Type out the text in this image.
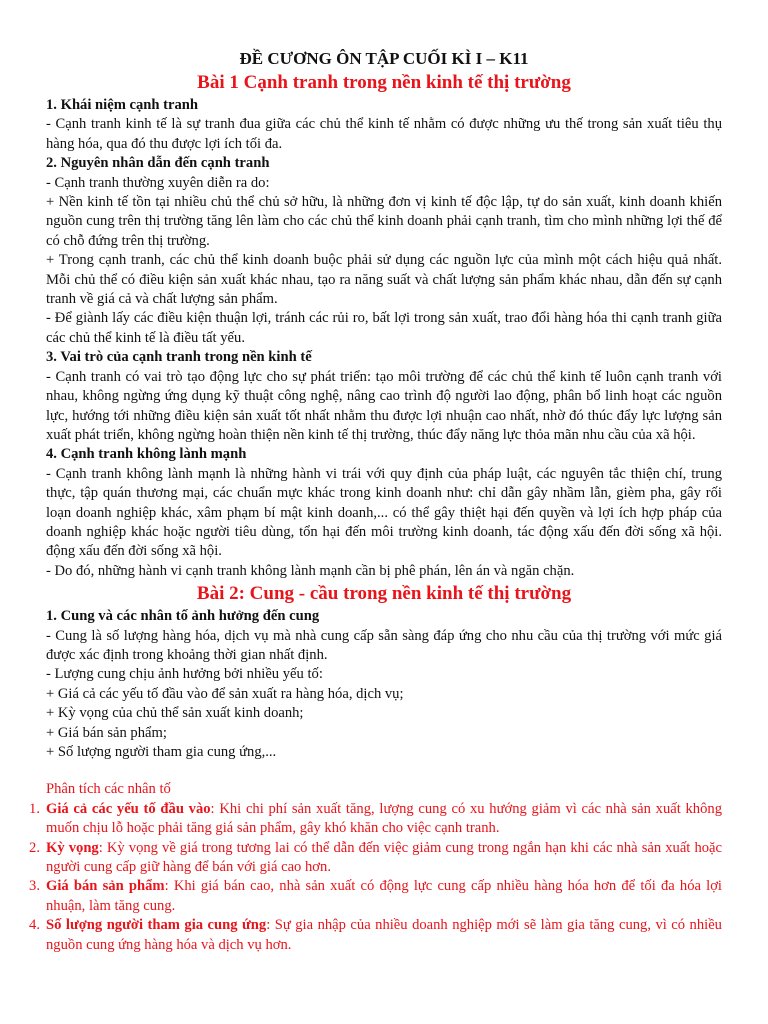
ĐỀ CƯƠNG ÔN TẬP CUỐI KÌ I – K11
Bài 1 Cạnh tranh trong nền kinh tế thị trường
1. Khái niệm cạnh tranh

- Cạnh tranh kinh tế là sự tranh đua giữa các chủ thể kinh tế nhằm có được những ưu thế trong sản xuất tiêu thụ hàng hóa, qua đó thu được lợi ích tối đa.

2. Nguyên nhân dẫn đến cạnh tranh

- Cạnh tranh thường xuyên diễn ra do:

+ Nền kinh tế tồn tại nhiều chủ thể chủ sở hữu, là những đơn vị kinh tế độc lập, tự do sản xuất, kinh doanh khiến nguồn cung trên thị trường tăng lên làm cho các chủ thể kinh doanh phải cạnh tranh, tìm cho mình những lợi thế để có chỗ đứng trên thị trường.

+ Trong cạnh tranh, các chủ thể kinh doanh buộc phải sử dụng các nguồn lực của mình một cách hiệu quả nhất. Mỗi chủ thể có điều kiện sản xuất khác nhau, tạo ra năng suất và chất lượng sản phẩm khác nhau, dẫn đến sự cạnh tranh về giá cả và chất lượng sản phẩm.

- Để giành lấy các điều kiện thuận lợi, tránh các rủi ro, bất lợi trong sản xuất, trao đổi hàng hóa thi cạnh tranh giữa các chủ thể kinh tế là điều tất yếu.

3. Vai trò của cạnh tranh trong nền kinh tế

- Cạnh tranh có vai trò tạo động lực cho sự phát triển: tạo môi trường để các chủ thể kinh tế luôn cạnh tranh với nhau, không ngừng ứng dụng kỹ thuật công nghệ, nâng cao trình độ người lao động, phân bổ linh hoạt các nguồn lực, hướng tới những điều kiện sản xuất tốt nhất nhằm thu được lợi nhuận cao nhất, nhờ đó thúc đẩy lực lượng sản xuất phát triển, không ngừng hoàn thiện nền kinh tế thị trường, thúc đẩy năng lực thỏa mãn nhu cầu của xã hội.

4. Cạnh tranh không lành mạnh

- Cạnh tranh không lành mạnh là những hành vi trái với quy định của pháp luật, các nguyên tắc thiện chí, trung thực, tập quán thương mại, các chuẩn mực khác trong kinh doanh như: chỉ dẫn gây nhầm lẫn, gièm pha, gây rối loạn doanh nghiệp khác, xâm phạm bí mật kinh doanh,... có thể gây thiệt hại đến quyền và lợi ích hợp pháp của doanh nghiệp khác hoặc người tiêu dùng, tổn hại đến môi trường kinh doanh, tác động xấu đến đời sống xã hội. động xấu đến đời sống xã hội.

- Do đó, những hành vi cạnh tranh không lành mạnh cần bị phê phán, lên án và ngăn chặn.

Bài 2: Cung - cầu trong nền kinh tế thị trường
1. Cung và các nhân tố ảnh hưởng đến cung

- Cung là số lượng hàng hóa, dịch vụ mà nhà cung cấp sẵn sàng đáp ứng cho nhu cầu của thị trường với mức giá được xác định trong khoảng thời gian nhất định.

- Lượng cung chịu ảnh hưởng bởi nhiều yếu tố:

+ Giá cả các yếu tố đầu vào để sản xuất ra hàng hóa, dịch vụ;

+ Kỳ vọng của chủ thể sản xuất kinh doanh;

+ Giá bán sản phẩm;

+ Số lượng người tham gia cung ứng,...

Phân tích các nhân tố
1. Giá cả các yếu tố đầu vào: Khi chi phí sản xuất tăng, lượng cung có xu hướng giảm vì các nhà sản xuất không muốn chịu lỗ hoặc phải tăng giá sản phẩm, gây khó khăn cho việc cạnh tranh.
2. Kỳ vọng: Kỳ vọng về giá trong tương lai có thể dẫn đến việc giảm cung trong ngắn hạn khi các nhà sản xuất hoặc người cung cấp giữ hàng để bán với giá cao hơn.
3. Giá bán sản phẩm: Khi giá bán cao, nhà sản xuất có động lực cung cấp nhiều hàng hóa hơn để tối đa hóa lợi nhuận, làm tăng cung.
4. Số lượng người tham gia cung ứng: Sự gia nhập của nhiều doanh nghiệp mới sẽ làm gia tăng cung, vì có nhiều nguồn cung ứng hàng hóa và dịch vụ hơn.
